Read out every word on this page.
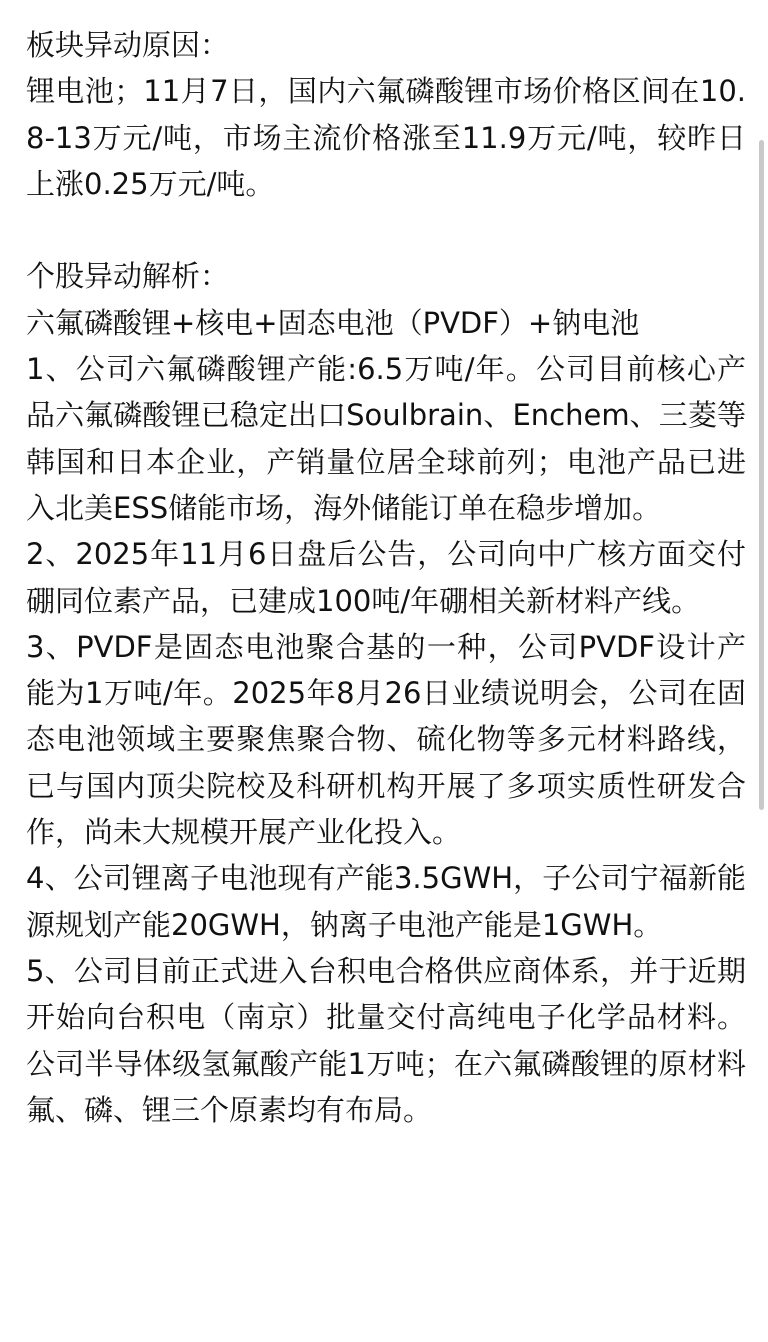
板块异动原因：

锂电池；11月7日，国内六氟磷酸锂市场价格区间在10.8-13万元/吨，市场主流价格涨至11.9万元/吨，较昨日上涨0.25万元/吨。

个股异动解析：

六氟磷酸锂+核电+固态电池（PVDF）+钠电池

1、公司六氟磷酸锂产能:6.5万吨/年。公司目前核心产品六氟磷酸锂已稳定出口Soulbrain、Enchem、三菱等韩国和日本企业，产销量位居全球前列；电池产品已进入北美ESS储能市场，海外储能订单在稳步增加。

2、2025年11月6日盘后公告，公司向中广核方面交付硼同位素产品，已建成100吨/年硼相关新材料产线。

3、PVDF是固态电池聚合基的一种，公司PVDF设计产能为1万吨/年。2025年8月26日业绩说明会，公司在固态电池领域主要聚焦聚合物、硫化物等多元材料路线，已与国内顶尖院校及科研机构开展了多项实质性研发合作，尚未大规模开展产业化投入。

4、公司锂离子电池现有产能3.5GWH，子公司宁福新能源规划产能20GWH，钠离子电池产能是1GWH。

5、公司目前正式进入台积电合格供应商体系，并于近期开始向台积电（南京）批量交付高纯电子化学品材料。公司半导体级氢氟酸产能1万吨；在六氟磷酸锂的原材料氟、磷、锂三个原素均有布局。
